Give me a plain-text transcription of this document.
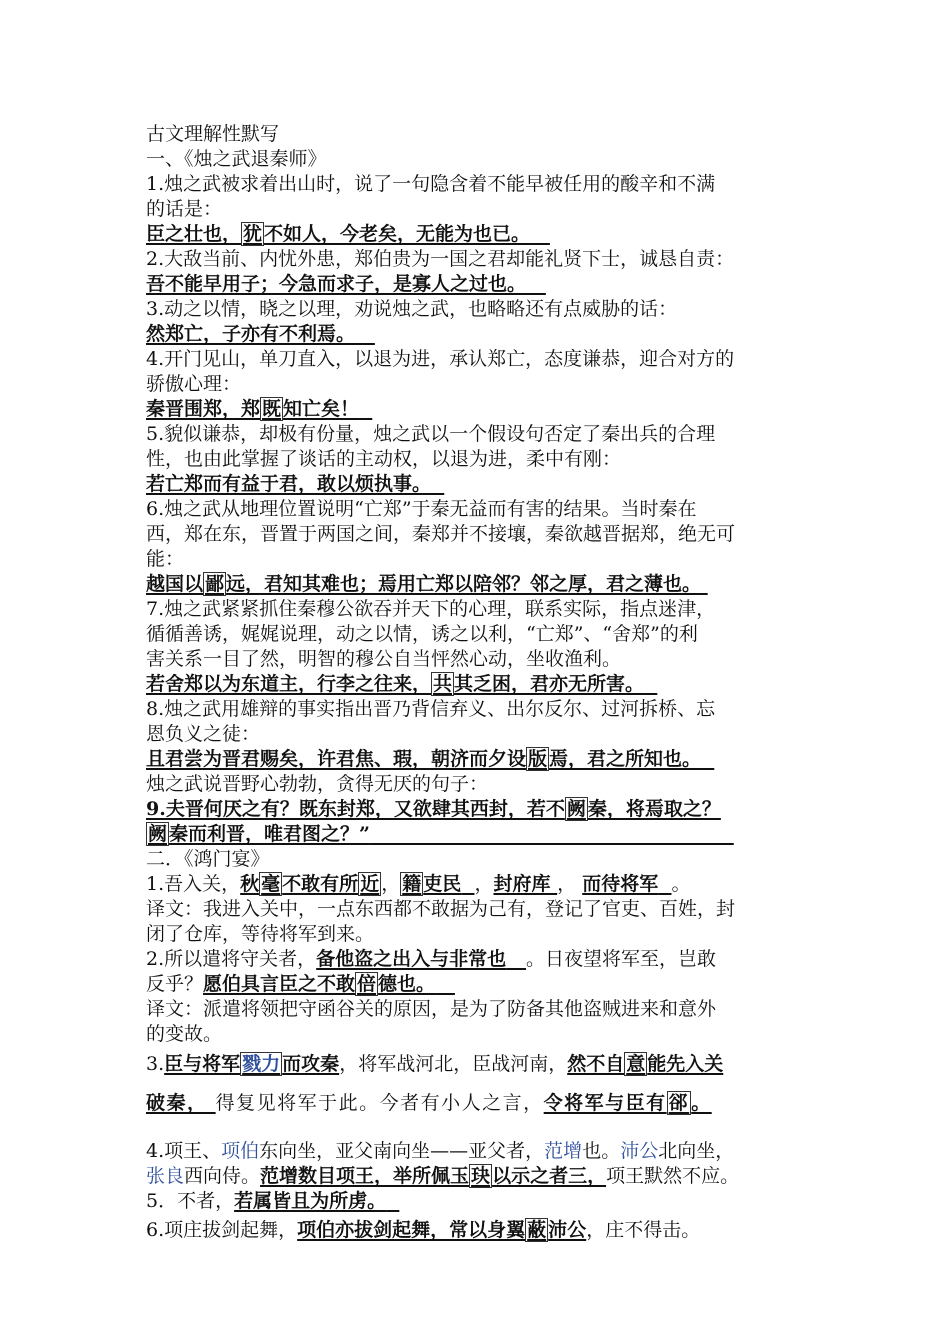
古文理解性默写
一、《烛之武退秦师》
1.烛之武被求着出山时，说了一句隐含着不能早被任用的酸辛和不满
的话是：
臣之壮也， 犹 不如人，今老矣，无能为也已。
2.大敌当前、内忧外患，郑伯贵为一国之君却能礼贤下士，诚恳自责：
吾不能早用子；今急而求子，是寡人之过也。
3.动之以情，晓之以理，劝说烛之武，也略略还有点威胁的话：
然郑亡，子亦有不利焉。
4.开门见山，单刀直入，以退为进，承认郑亡，态度谦恭，迎合对方的
骄傲心理：
秦晋围郑，郑 既 知亡矣！
5.貌似谦恭，却极有份量，烛之武以一个假设句否定了秦出兵的合理
性，也由此掌握了谈话的主动权，以退为进，柔中有刚：
若亡郑而有益于君，敢以烦执事。
6.烛之武从地理位置说明“亡郑”于秦无益而有害的结果。当时秦在
西，郑在东，晋置于两国之间，秦郑并不接壤，秦欲越晋据郑，绝无可
能：
越国以 鄙 远，君知其难也；焉用亡郑以陪邻？邻之厚，君之薄也。
7.烛之武紧紧抓住秦穆公欲吞并天下的心理，联系实际，指点迷津，
循循善诱，娓娓说理，动之以情，诱之以利，“亡郑”、“舍郑”的利
害关系一目了然，明智的穆公自当怦然心动，坐收渔利。
若舍郑以为东道主，行李之往来， 共 其乏困，君亦无所害。
8.烛之武用雄辩的事实指出晋乃背信弃义、出尔反尔、过河拆桥、忘
恩负义之徒：
且君尝为晋君赐矣，许君焦、瑕，朝济而夕设 版 焉，君之所知也。
烛之武说晋野心勃勃，贪得无厌的句子：
9.夫晋何厌之有？既东封郑，又欲肆其西封，若不 阙 秦，将焉取之？
阙 秦而利晋，唯君图之？”
二．《鸿门宴》
1.吾入关，秋 毫 不敢有所 近 ， 籍 吏民 ，封府库 ， 而待将军 。
译文：我进入关中，一点东西都不敢据为己有，登记了官吏、百姓，封
闭了仓库，等待将军到来。
2.所以遣将守关者，备他盗之出入与非常也 。日夜望将军至，岂敢
反乎？愿伯具言臣之不敢 倍 德也。
译文：派遣将领把守函谷关的原因，是为了防备其他盗贼进来和意外
的变故。
3.臣与将军 戮力 而攻秦，将军战河北，臣战河南，然不自 意 能先入关
破秦， 得复见将军于此。今者有小人之言，令将军与臣有 郤 。
4.项王、项伯东向坐，亚父南向坐——亚父者，范增也。沛公北向坐，
张良西向侍。范增数目项王，举所佩玉 玦 以示之者三，项王默然不应。
5．不者，若属皆且为所虏。
6.项庄拔剑起舞，项伯亦拔剑起舞，常以身翼 蔽 沛公，庄不得击。
